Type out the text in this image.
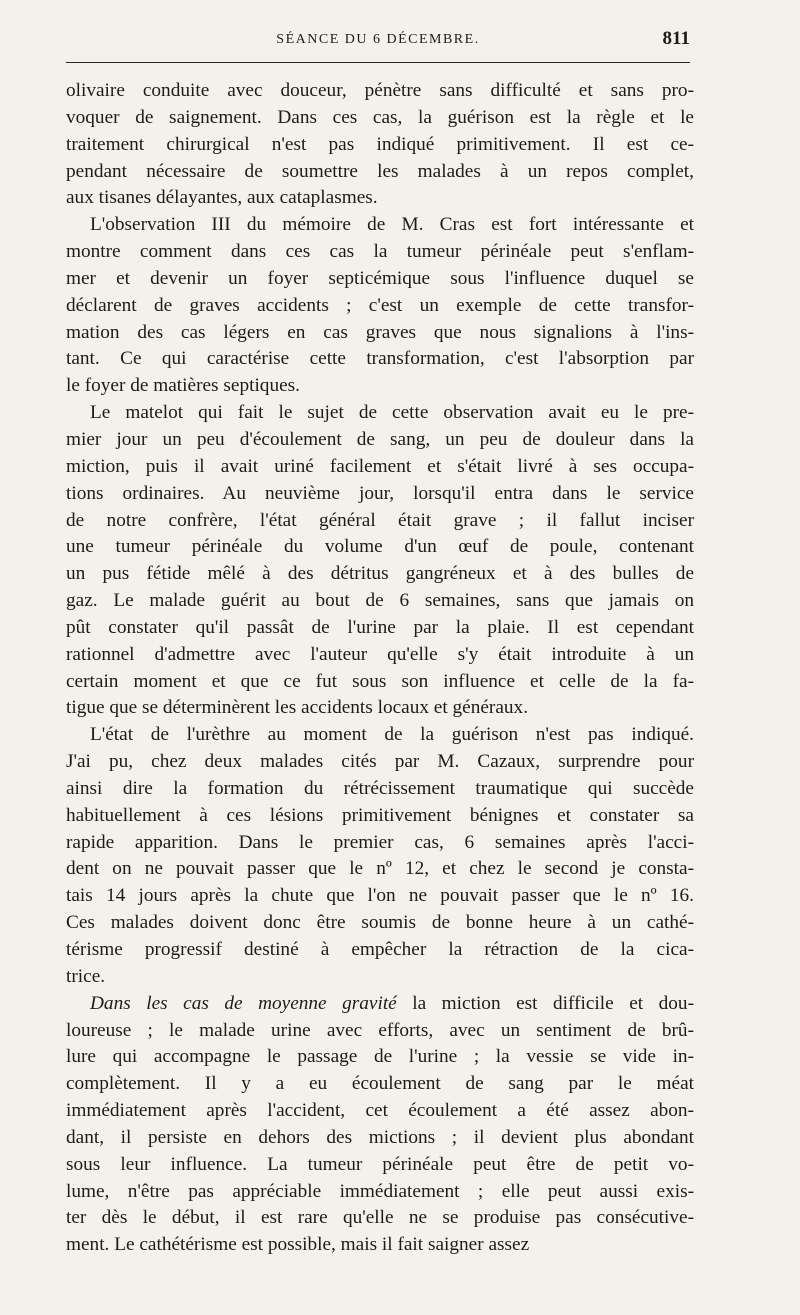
SÉANCE DU 6 DÉCEMBRE.	811
olivaire conduite avec douceur, pénètre sans difficulté et sans pro-
voquer de saignement. Dans ces cas, la guérison est la règle et le
traitement chirurgical n'est pas indiqué primitivement. Il est ce-
pendant nécessaire de soumettre les malades à un repos complet,
aux tisanes délayantes, aux cataplasmes.
L'observation III du mémoire de M. Cras est fort intéressante et
montre comment dans ces cas la tumeur périnéale peut s'enflam-
mer et devenir un foyer septicémique sous l'influence duquel se
déclarent de graves accidents ; c'est un exemple de cette transfor-
mation des cas légers en cas graves que nous signalions à l'ins-
tant. Ce qui caractérise cette transformation, c'est l'absorption par
le foyer de matières septiques.
Le matelot qui fait le sujet de cette observation avait eu le pre-
mier jour un peu d'écoulement de sang, un peu de douleur dans la
miction, puis il avait uriné facilement et s'était livré à ses occupa-
tions ordinaires. Au neuvième jour, lorsqu'il entra dans le service
de notre confrère, l'état général était grave ; il fallut inciser
une tumeur périnéale du volume d'un œuf de poule, contenant
un pus fétide mêlé à des détritus gangréneux et à des bulles de
gaz. Le malade guérit au bout de 6 semaines, sans que jamais on
pût constater qu'il passât de l'urine par la plaie. Il est cependant
rationnel d'admettre avec l'auteur qu'elle s'y était introduite à un
certain moment et que ce fut sous son influence et celle de la fa-
tigue que se déterminèrent les accidents locaux et généraux.
L'état de l'urèthre au moment de la guérison n'est pas indiqué.
J'ai pu, chez deux malades cités par M. Cazaux, surprendre pour
ainsi dire la formation du rétrécissement traumatique qui succède
habituellement à ces lésions primitivement bénignes et constater sa
rapide apparition. Dans le premier cas, 6 semaines après l'acci-
dent on ne pouvait passer que le nº 12, et chez le second je consta-
tais 14 jours après la chute que l'on ne pouvait passer que le nº 16.
Ces malades doivent donc être soumis de bonne heure à un cathé-
térisme progressif destiné à empêcher la rétraction de la cica-
trice.
Dans les cas de moyenne gravité la miction est difficile et dou-
loureuse ; le malade urine avec efforts, avec un sentiment de brû-
lure qui accompagne le passage de l'urine ; la vessie se vide in-
complètement. Il y a eu écoulement de sang par le méat
immédiatement après l'accident, cet écoulement a été assez abon-
dant, il persiste en dehors des mictions ; il devient plus abondant
sous leur influence. La tumeur périnéale peut être de petit vo-
lume, n'être pas appréciable immédiatement ; elle peut aussi exis-
ter dès le début, il est rare qu'elle ne se produise pas consécutive-
ment. Le cathétérisme est possible, mais il fait saigner assez
